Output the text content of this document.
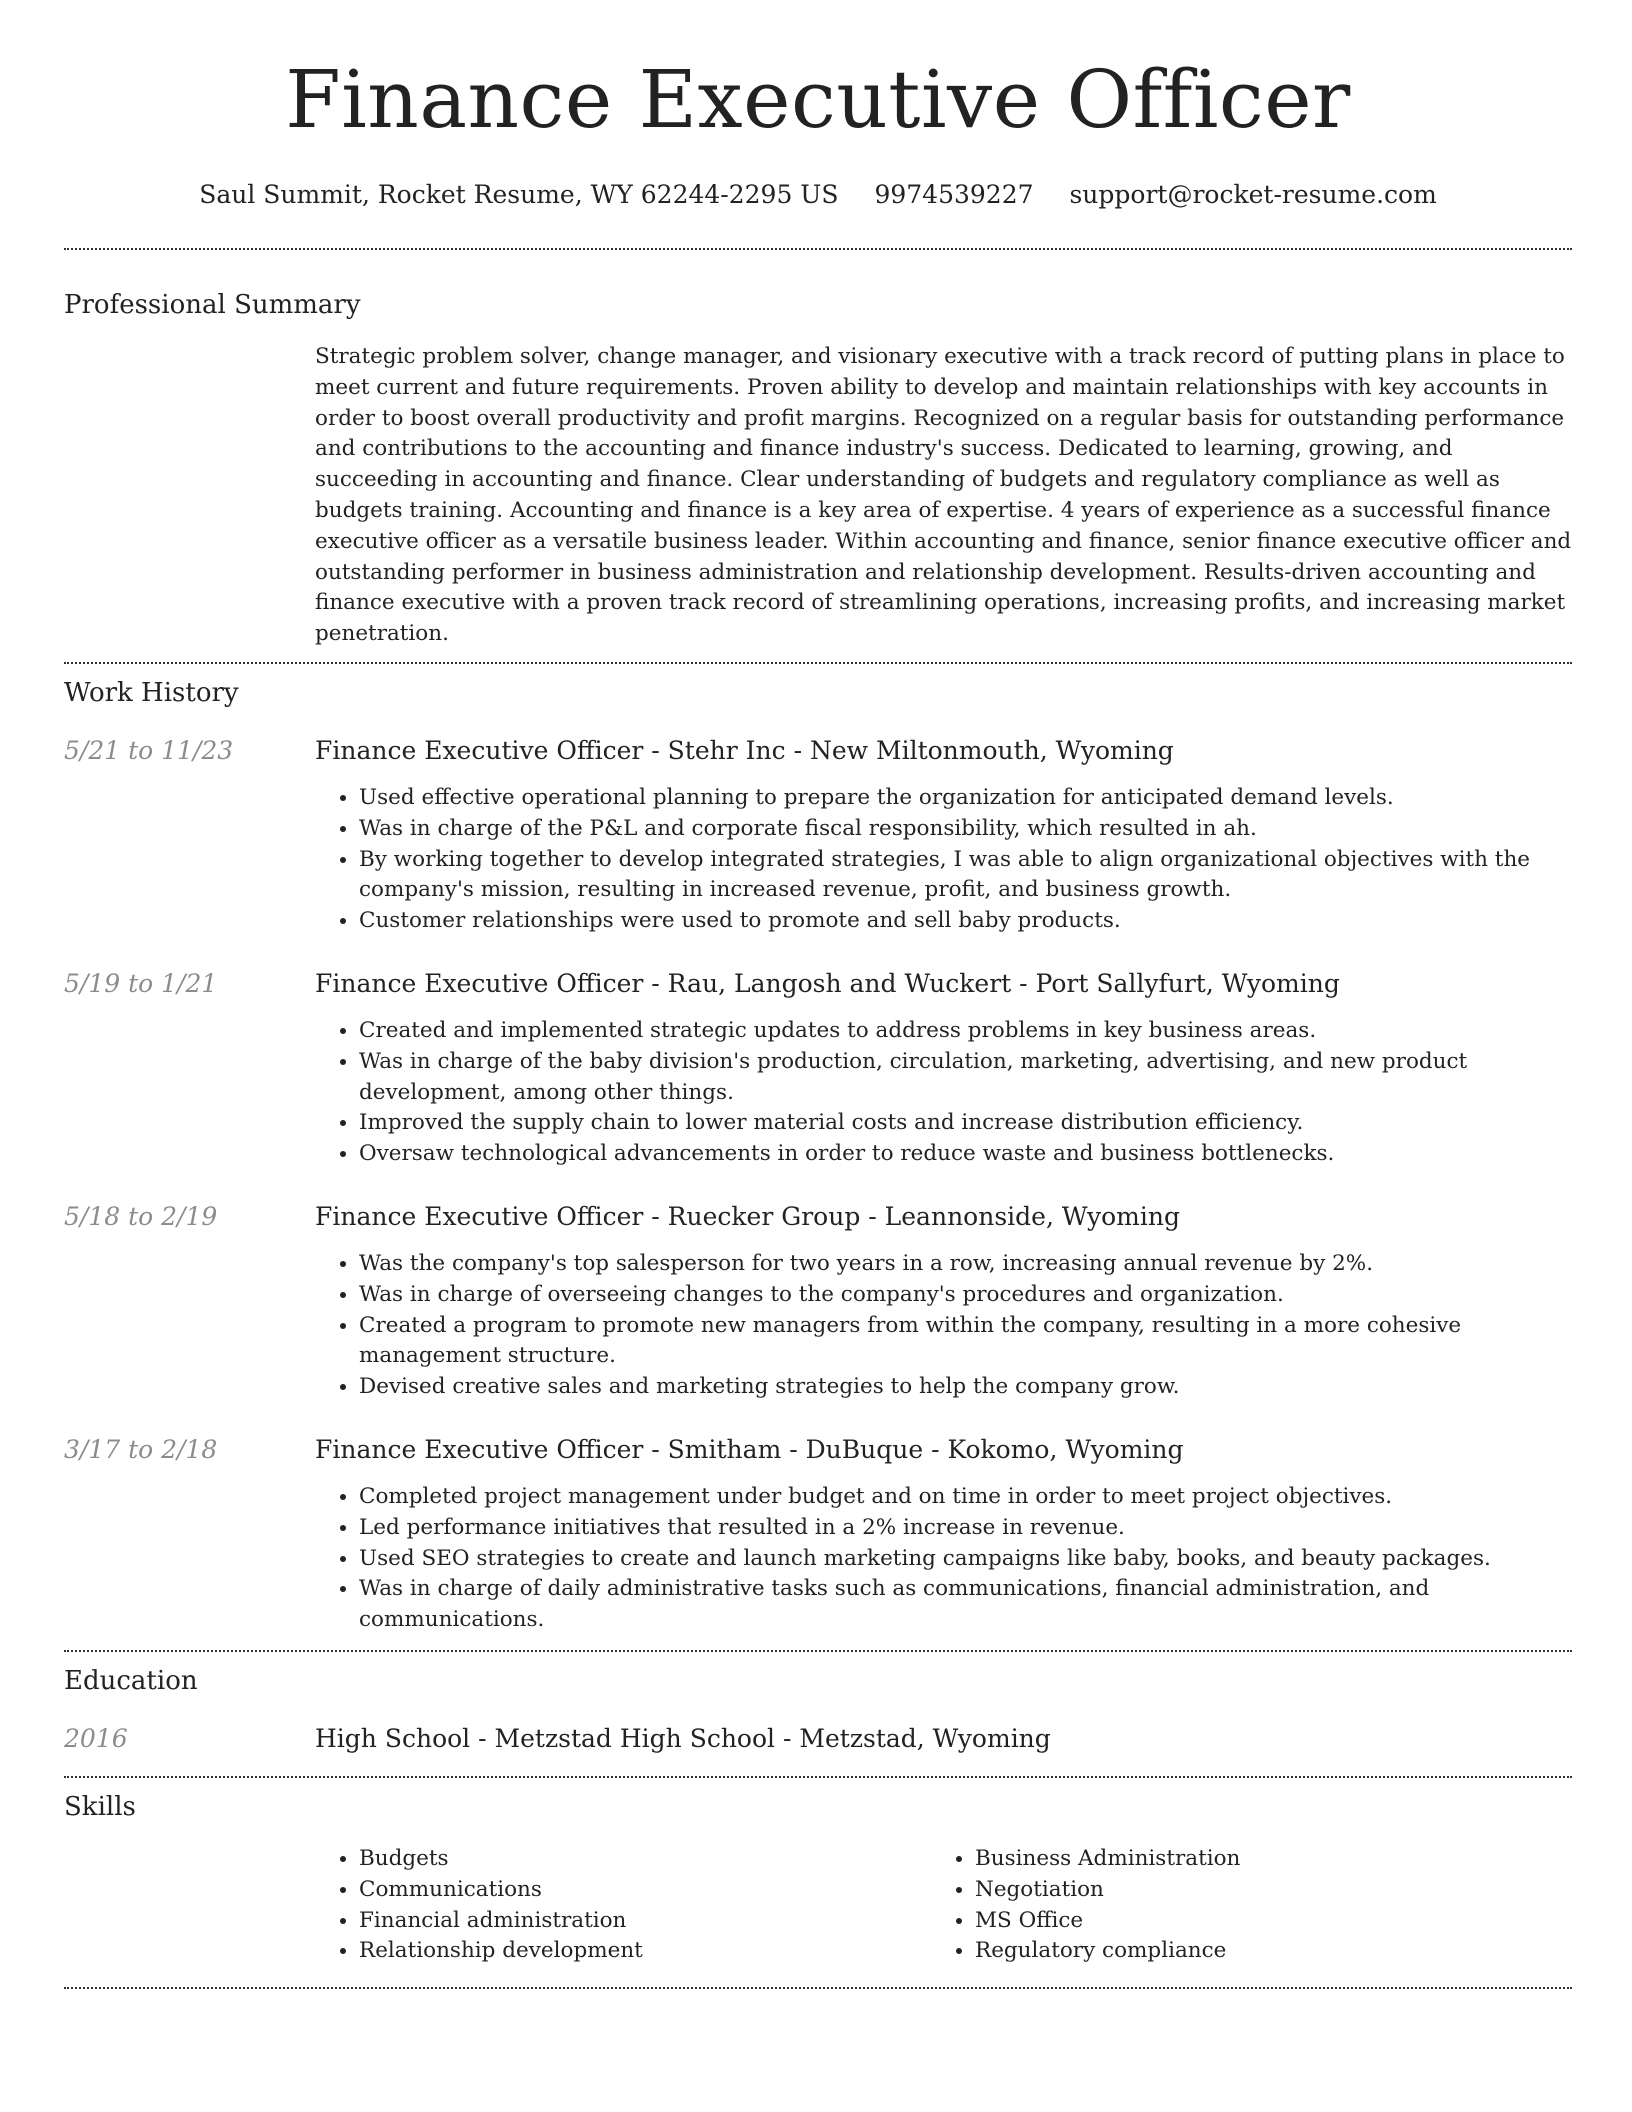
Finance Executive Officer
Saul Summit, Rocket Resume, WY 62244-2295 US 9974539227 support@rocket-resume.com
Professional Summary

Strategic problem solver, change manager, and visionary executive with a track record of putting plans in place to meet current and future requirements. Proven ability to develop and maintain relationships with key accounts in order to boost overall productivity and profit margins. Recognized on a regular basis for outstanding performance and contributions to the accounting and finance industry's success. Dedicated to learning, growing, and succeeding in accounting and finance. Clear understanding of budgets and regulatory compliance as well as budgets training. Accounting and finance is a key area of expertise. 4 years of experience as a successful finance executive officer as a versatile business leader. Within accounting and finance, senior finance executive officer and outstanding performer in business administration and relationship development. Results-driven accounting and finance executive with a proven track record of streamlining operations, increasing profits, and increasing market penetration.

Work History
5/21 to 11/23	Finance Executive Officer - Stehr Inc - New Miltonmouth, Wyoming
• Used effective operational planning to prepare the organization for anticipated demand levels.
• Was in charge of the P&L and corporate fiscal responsibility, which resulted in ah.
• By working together to develop integrated strategies, I was able to align organizational objectives with the company's mission, resulting in increased revenue, profit, and business growth.
• Customer relationships were used to promote and sell baby products.
5/19 to 1/21	Finance Executive Officer - Rau, Langosh and Wuckert - Port Sallyfurt, Wyoming
• Created and implemented strategic updates to address problems in key business areas.
• Was in charge of the baby division's production, circulation, marketing, advertising, and new product development, among other things.
• Improved the supply chain to lower material costs and increase distribution efficiency.
• Oversaw technological advancements in order to reduce waste and business bottlenecks.
5/18 to 2/19	Finance Executive Officer - Ruecker Group - Leannonside, Wyoming
• Was the company's top salesperson for two years in a row, increasing annual revenue by 2%.
• Was in charge of overseeing changes to the company's procedures and organization.
• Created a program to promote new managers from within the company, resulting in a more cohesive management structure.
• Devised creative sales and marketing strategies to help the company grow.
3/17 to 2/18	Finance Executive Officer - Smitham - DuBuque - Kokomo, Wyoming
• Completed project management under budget and on time in order to meet project objectives.
• Led performance initiatives that resulted in a 2% increase in revenue.
• Used SEO strategies to create and launch marketing campaigns like baby, books, and beauty packages.
• Was in charge of daily administrative tasks such as communications, financial administration, and communications.
Education
2016	High School - Metzstad High School - Metzstad, Wyoming
Skills
• Budgets
• Communications
• Financial administration
• Relationship development
• Business Administration
• Negotiation
• MS Office
• Regulatory compliance
